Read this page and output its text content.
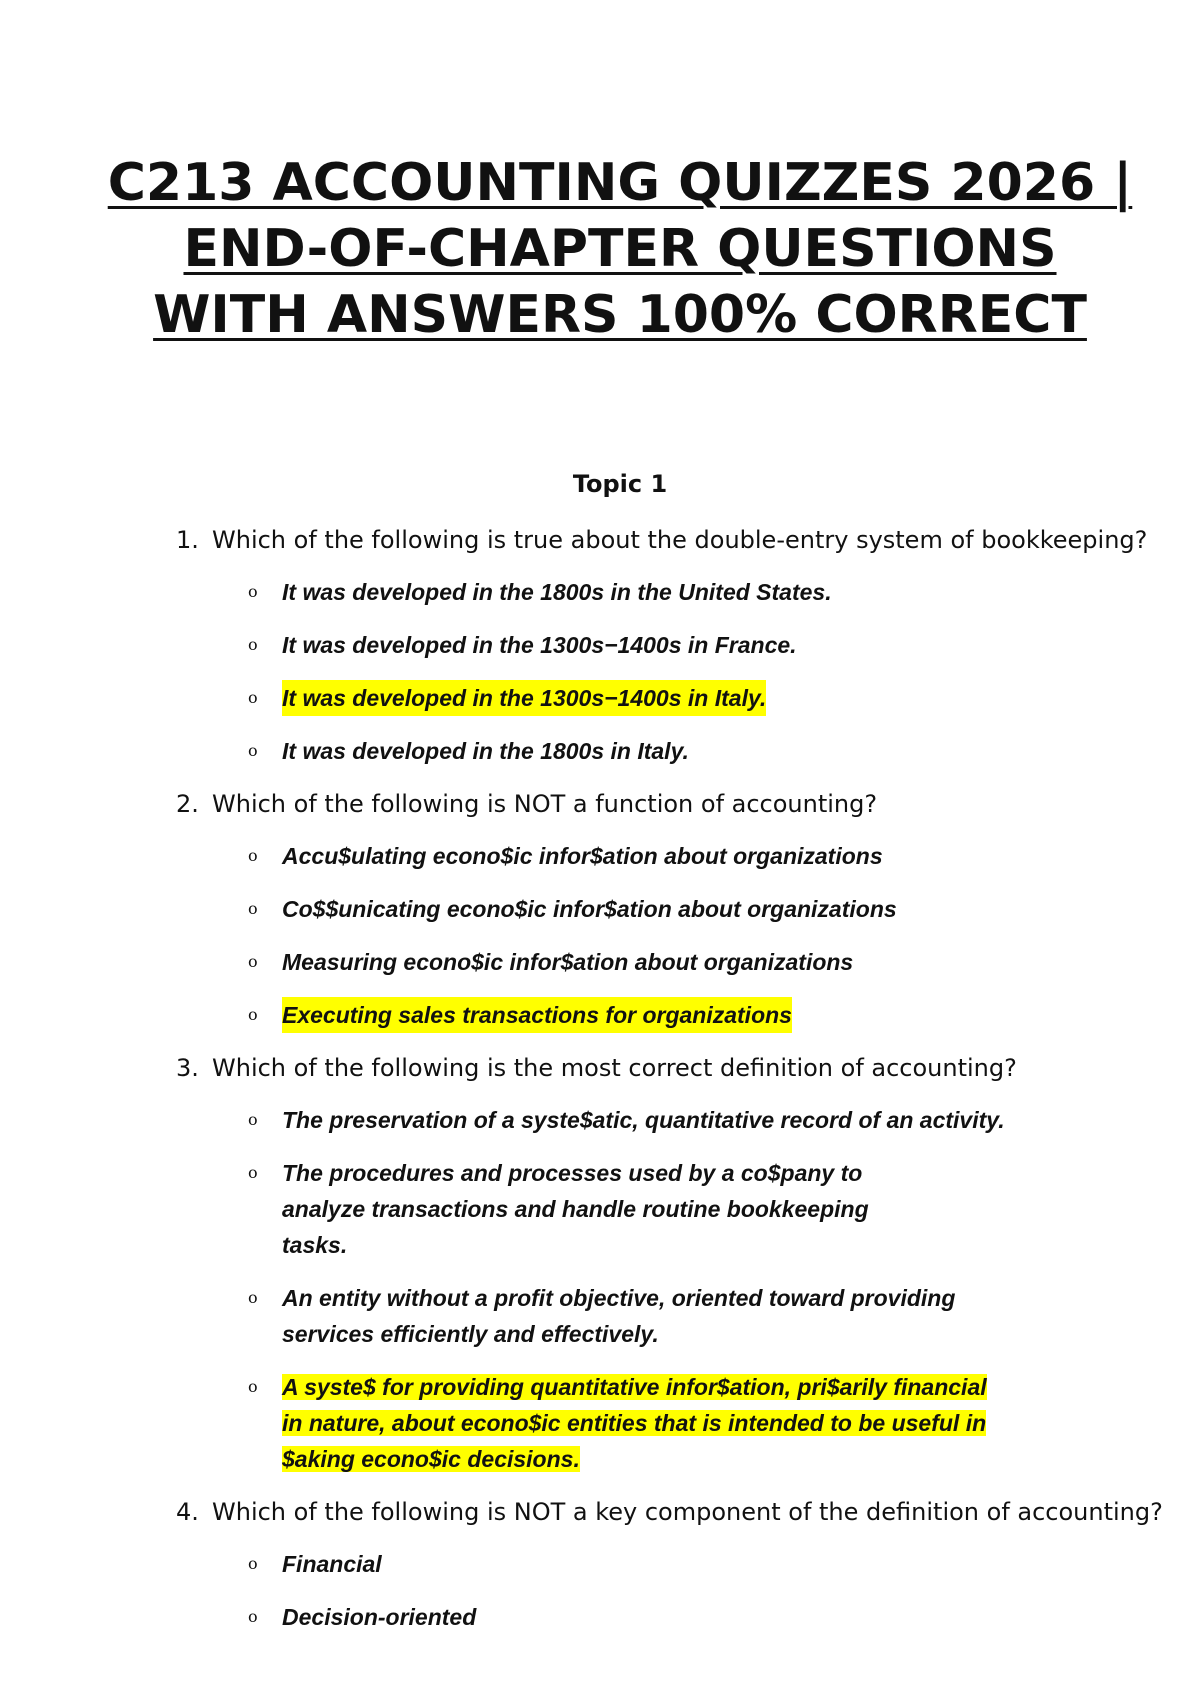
C213 ACCOUNTING QUIZZES 2026 |
END-OF-CHAPTER QUESTIONS
WITH ANSWERS 100% CORRECT
Topic 1
1. Which of the following is true about the double-entry system of bookkeeping?
o	It was developed in the 1800s in the United States.
o	It was developed in the 1300s−1400s in France.
o	It was developed in the 1300s−1400s in Italy.
o	It was developed in the 1800s in Italy.
2. Which of the following is NOT a function of accounting?
o	Accu$ulating econo$ic infor$ation about organizations
o	Co$$unicating econo$ic infor$ation about organizations
o	Measuring econo$ic infor$ation about organizations
o	Executing sales transactions for organizations
3. Which of the following is the most correct definition of accounting?
o	The preservation of a syste$atic, quantitative record of an activity.
o	The procedures and processes used by a co$pany to analyze transactions and handle routine bookkeeping tasks.
o	An entity without a profit objective, oriented toward providing services efficiently and effectively.
o	A syste$ for providing quantitative infor$ation, pri$arily financial in nature, about econo$ic entities that is intended to be useful in $aking econo$ic decisions.
4. Which of the following is NOT a key component of the definition of accounting?
o	Financial
o	Decision-oriented
